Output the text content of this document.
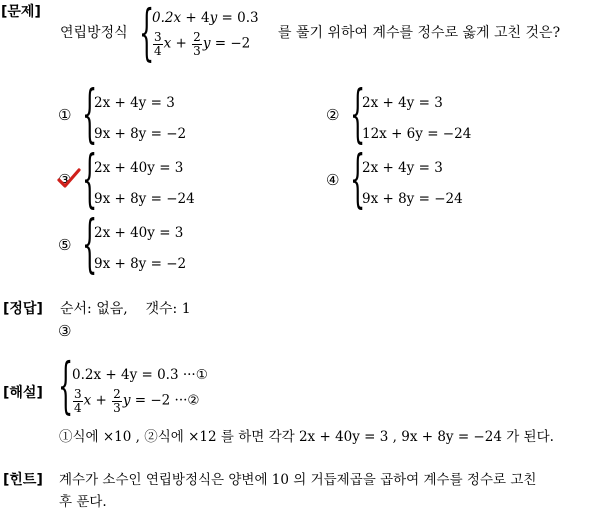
[문제]
연립방정식 {
0.2x + 4y = 0.3
$\frac{3}{4}$ $x + \frac{2}{3}$ y = −2
를 풀기 위하여 계수를 정수로 옳게 고친 것은?
① {
2x + 4y = 3
9x + 8y = −2
② {
2x + 4y = 3
12x + 6y = −24
③ {
2x + 40y = 3
9x + 8y = −24
④ {
2x + 4y = 3
9x + 8y = −24
⑤ {
2x + 40y = 3
9x + 8y = −2
[정답] 순서: 없음,    갯수: 1
③
[해설] {
0.2x + 4y = 0.3 ···①
$\frac{3}{4}$ $x + \frac{2}{3}$ y = −2 ···②
①식에 ×10 , ②식에 ×12 를 하면 각각 2x + 40y = 3 , 9x + 8y = −24 가 된다.
[힌트] 계수가 소수인 연립방정식은 양변에 10 의 거듭제곱을 곱하여 계수를 정수로 고친
후 푼다.
